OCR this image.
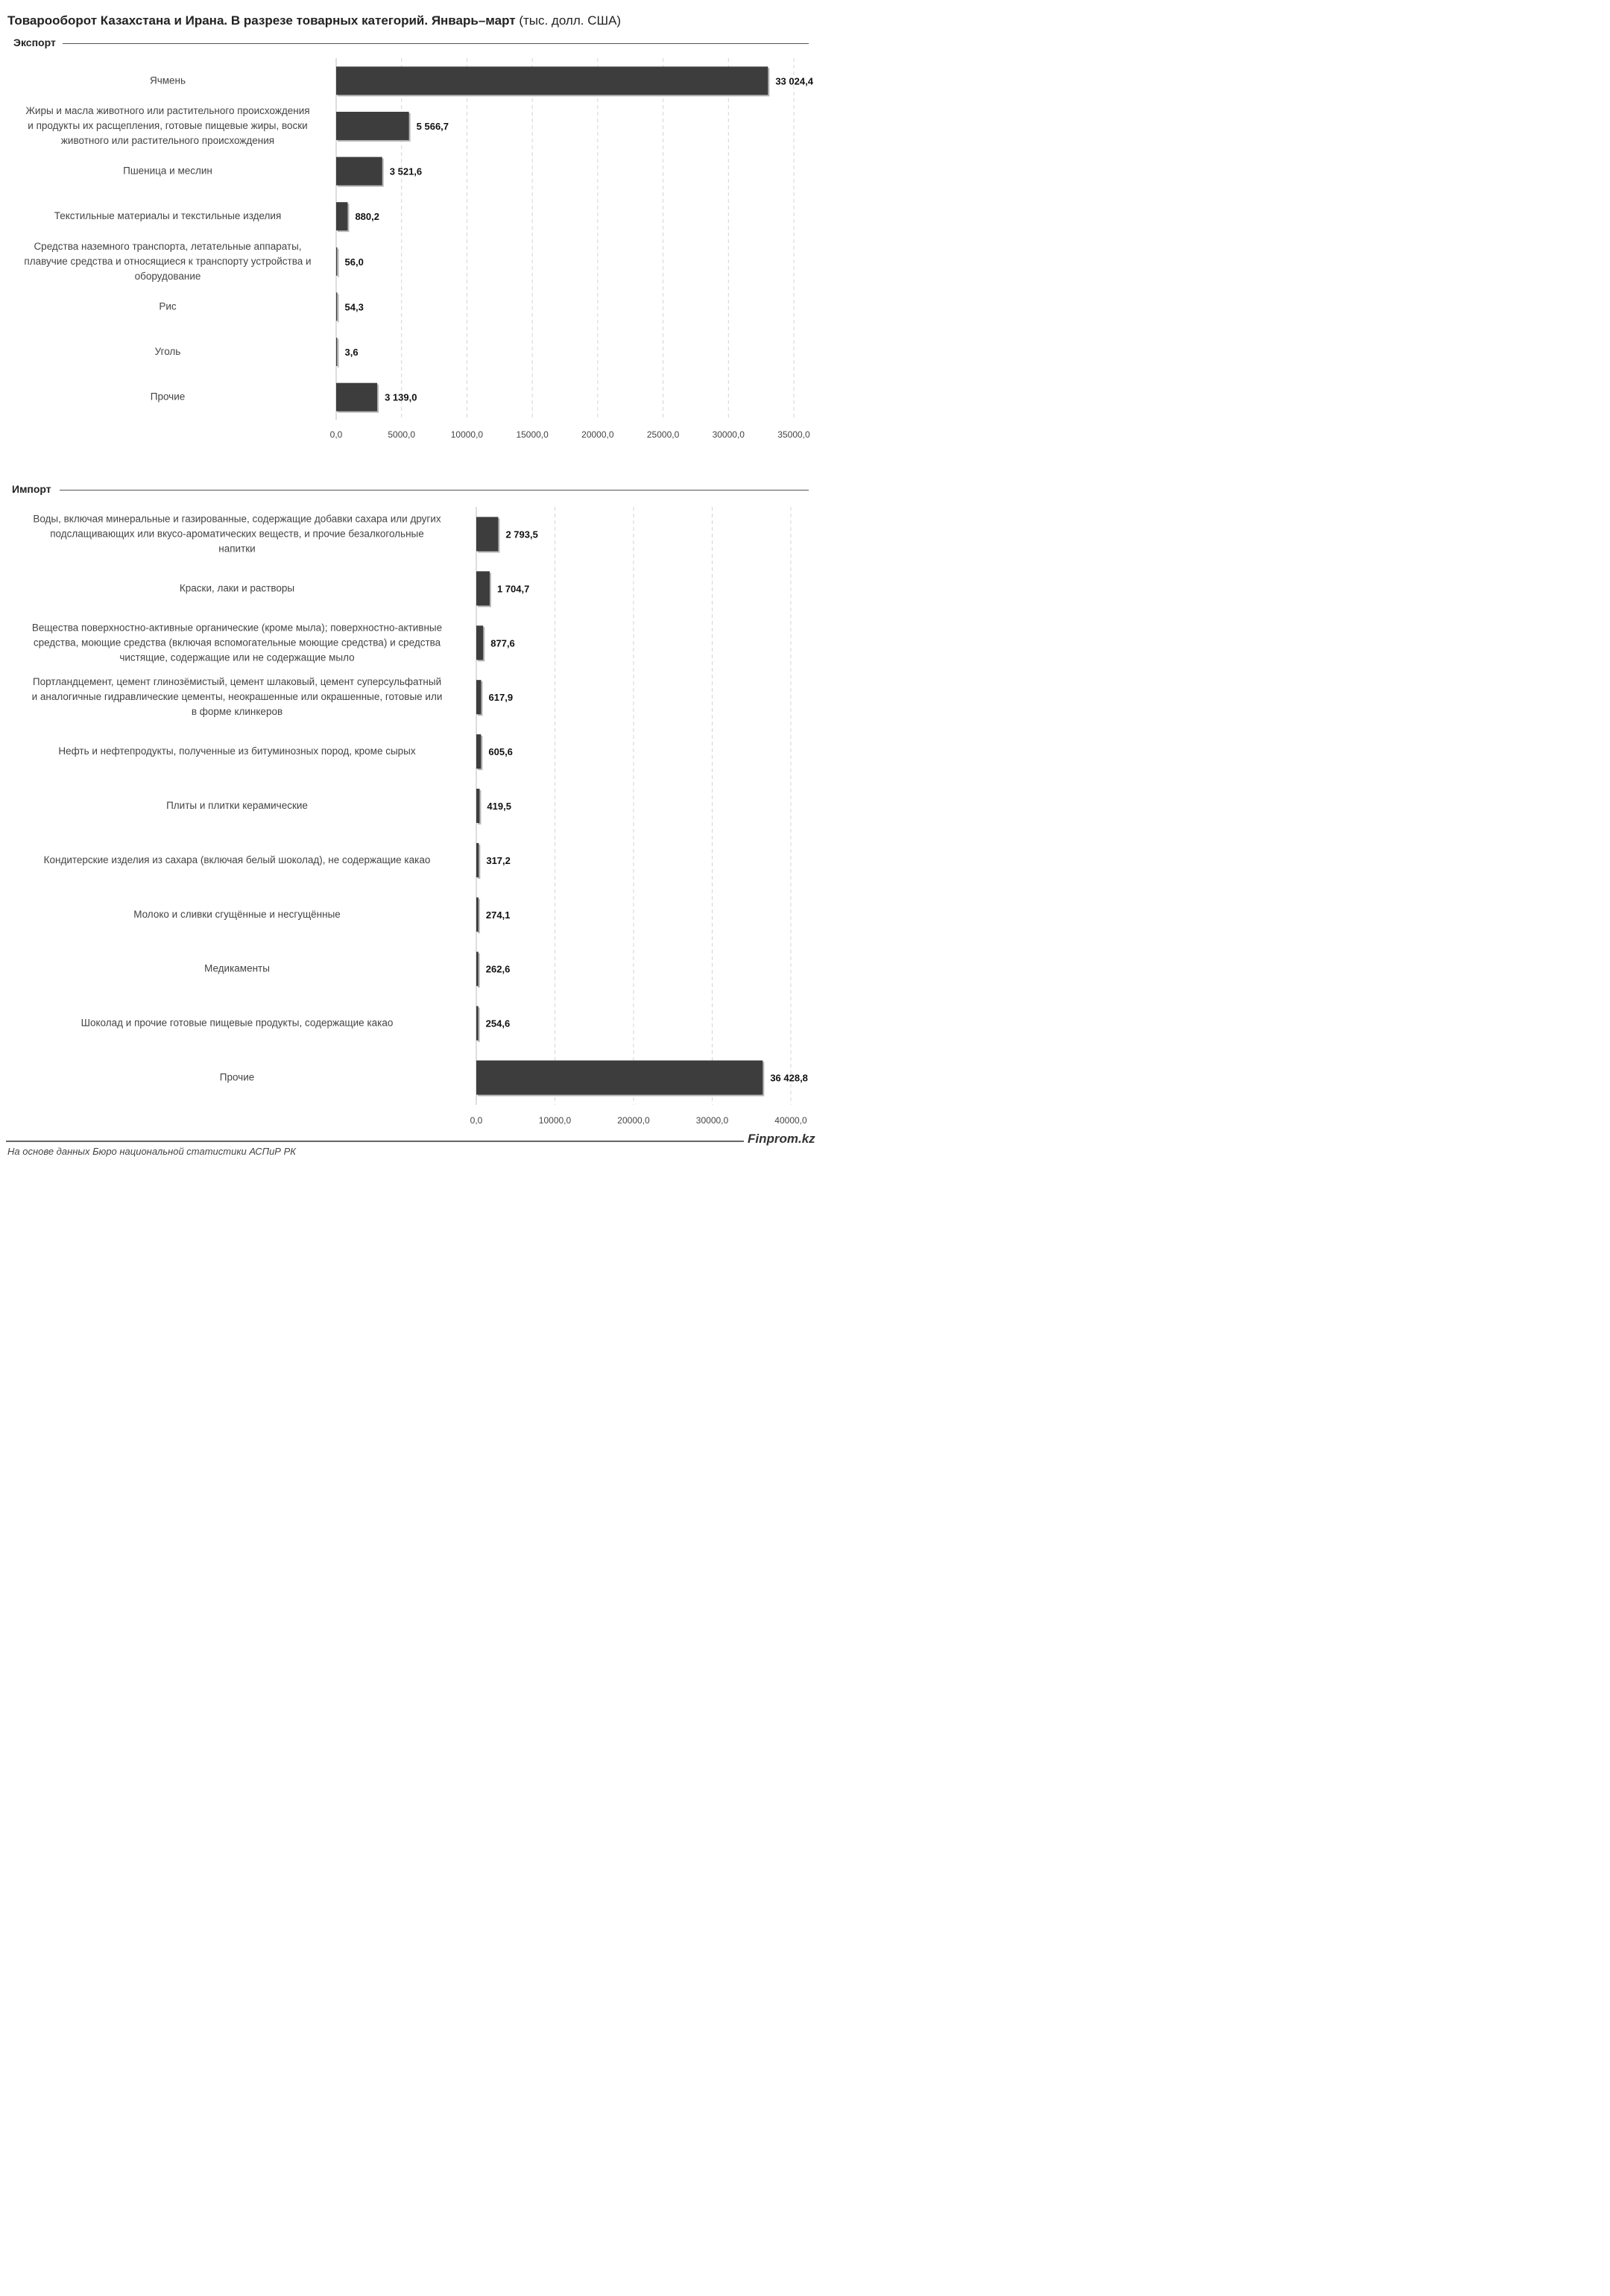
Товарооборот Казахстана и Ирана. В разрезе товарных категорий. Январь–март (тыс. долл. США)
Экспорт
Импорт
0,0	5000,0	10000,0	15000,0	20000,0	25000,0	30000,0	35000,0
33 024,4
Ячмень
5 566,7
Жиры и масла животного или растительного происхождения
и продукты их расщепления, готовые пищевые жиры, воски
животного или растительного происхождения
3 521,6
Пшеница и меслин
880,2
Текстильные материалы и текстильные изделия
56,0
Средства наземного транспорта, летательные аппараты,
плавучие средства и относящиеся к транспорту устройства и
оборудование
54,3
Рис
3,6
Уголь
3 139,0
Прочие
0,0	10000,0	20000,0	30000,0	40000,0
2 793,5
Воды, включая минеральные и газированные, содержащие добавки сахара или других
подслащивающих или вкусо-ароматических веществ, и прочие безалкогольные
напитки
1 704,7
Краски, лаки и растворы
877,6
Вещества поверхностно-активные органические (кроме мыла); поверхностно-активные
средства, моющие средства (включая вспомогательные моющие средства) и средства
чистящие, содержащие или не содержащие мыло
617,9
Портландцемент, цемент глинозёмистый, цемент шлаковый, цемент суперсульфатный
и аналогичные гидравлические цементы, неокрашенные или окрашенные, готовые или
в форме клинкеров
605,6
Нефть и нефтепродукты, полученные из битуминозных пород, кроме сырых
419,5
Плиты и плитки керамические
317,2
Кондитерские изделия из сахара (включая белый шоколад), не содержащие какао
274,1
Молоко и сливки сгущённые и несгущённые
262,6
Медикаменты
254,6
Шоколад и прочие готовые пищевые продукты, содержащие какао
36 428,8
Прочие
На основе данных Бюро национальной статистики АСПиР РК
Finprom.kz
